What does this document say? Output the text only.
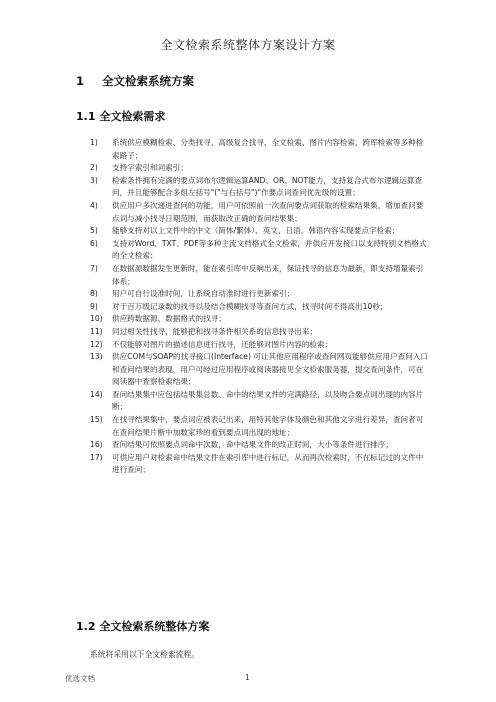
全文检索系统整体方案设计方案
1 全文检索系统方案
1.1 全文检索需求
1) 系统供应模糊检索、分类找寻、高级复合找寻、全文检索、图片内容检索、跨库检索等多种检索路子；
2) 支持字索引和词索引；
3) 检索条件拥有完满的要点词布尔逻辑运算AND、OR、NOT能力，支持复合式布尔逻辑运算查问，并且能够配合多组左括号"("与右括号")"作要点词查问优先级的设置；
4) 供应用户多次递进查问的功能，用户可依照前一次查问要点词获取的检索结果集，增加查问要点词与减小找寻日期范围，而获取改正确的查问结果集；
5) 能够支持对以上文件中的中文（简体/繁体）、英文、日语、韩语内容实现要点字检索；
6) 支持对Word、TXT、PDF等多种主流文档格式全文检索，并供应开发接口以支持特别文档格式的全文检索；
7) 在数据源数据发生更新时，能在索引库中反响出来，保证找寻的信息为最新，即支持增量索引体系；
8) 用户可自行设准时间，让系统自动准时进行更新索引；
9) 对于百万级记录数的找寻以及结合模糊找寻等查问方式，找寻时间不得高出10秒；
10) 供应跨数据源、数据格式的找寻；
11) 同过相关性找寻，能够把和找寻条件相关系的信息找寻出来；
12) 不仅能够对图片的描述信息进行找寻，还能够对图片内容的检索；
13) 供应COM与SOAP的找寻接口(Interface) 可让其他应用程序或查问网页能够供应用户查问入口和查问结果的表现，用户可经过应用程序或阅读器接见全文检索服务器，提交查问条件，可在阅读器中查察检索结果；
14) 查问结果集中应包括结果集总数、命中的结果文件的完满路径，以及吻合要点词出现的内容片断；
15) 在找寻结果集中，要点词应被表记出来，用特其他字体及颜色和其他文字进行差异，查问者可在查问结果片断中加数家珍的看到要点词出现的地址；
16) 查问结果可依照要点词命中次数，命中结果文件的改正时间，大小等条件进行排序；
17) 可供应用户对检索命中结果文件在索引库中进行标记，从而再次检索时，不在标记过的文件中进行查问；
1.2 全文检索系统整体方案
系统将采用以下全文检索流程。
优选文档	1
